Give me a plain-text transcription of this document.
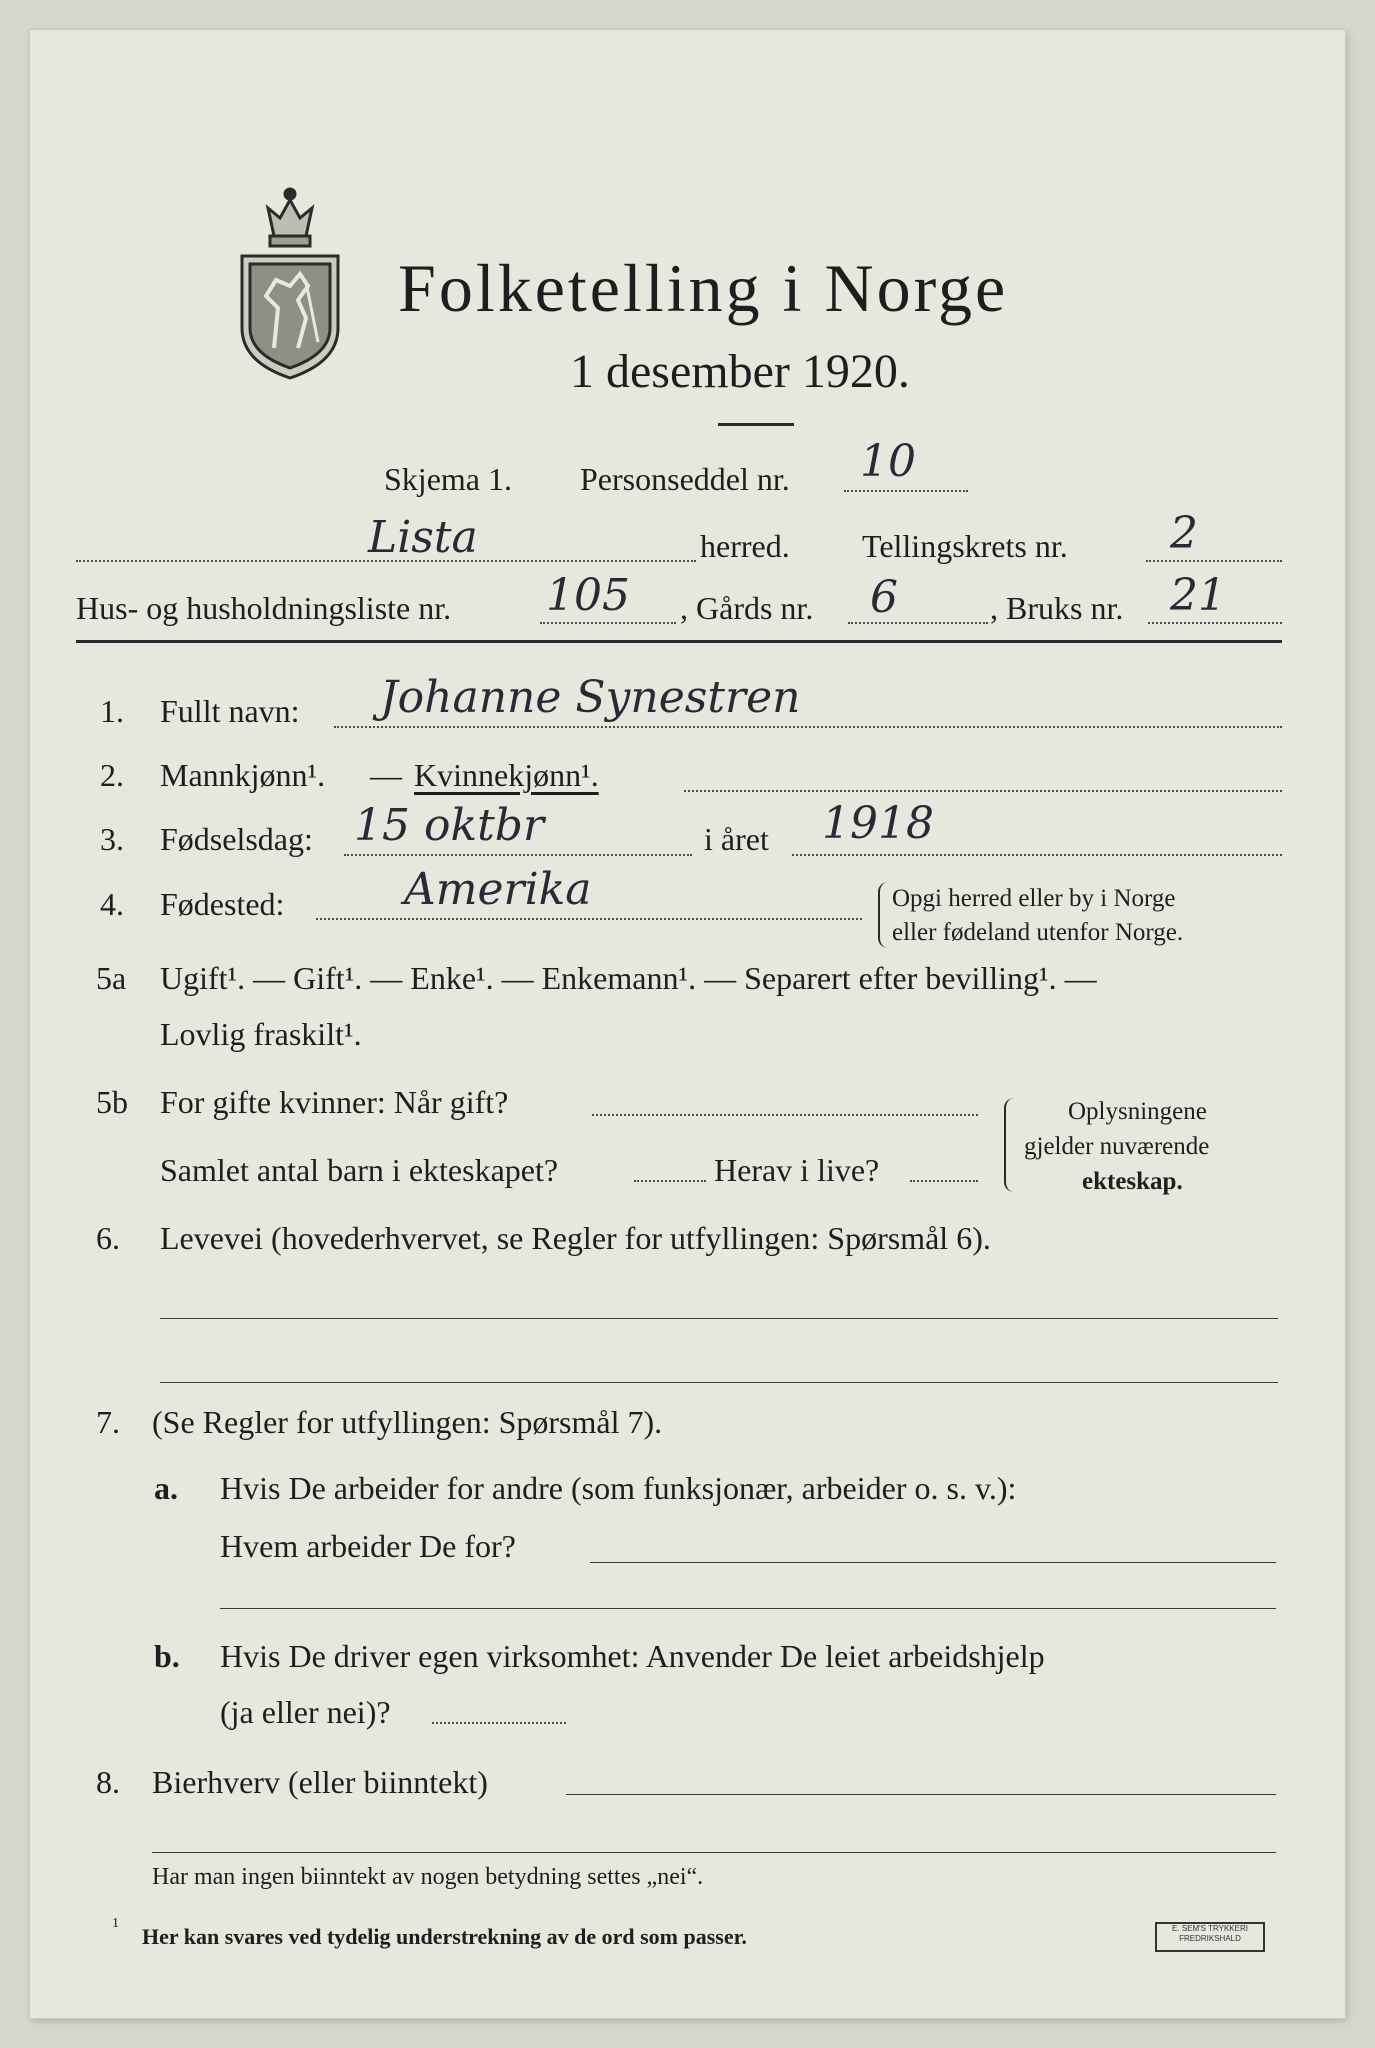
Folketelling i Norge
1 desember 1920.
Skjema 1. Personseddel nr. 10
Lista	herred. Tellingskrets nr. 2
Hus- og husholdningsliste nr. 105 , Gårds nr. 6	, Bruks nr. 21
1. Fullt navn: Johanne Synestren
2. Mannkjønn¹. — Kvinnekjønn¹.
3. Fødselsdag: 15 oktbr	i året 1918
4. Fødested:	Amerika	Opgi herred eller by i Norge
eller fødeland utenfor Norge.
5a Ugift¹. — Gift¹. — Enke¹. — Enkemann¹. — Separert efter bevilling¹. —
Lovlig fraskilt¹.
5b For gifte kvinner: Når gift?
Samlet antal barn i ekteskapet?	Herav i live?
Oplysningene
gjelder nuværende
ekteskap.
6. Levevei (hovederhvervet, se Regler for utfyllingen: Spørsmål 6).
7. (Se Regler for utfyllingen: Spørsmål 7).
a. Hvis De arbeider for andre (som funksjonær, arbeider o. s. v.):
Hvem arbeider De for?
b. Hvis De driver egen virksomhet: Anvender De leiet arbeidshjelp
(ja eller nei)?
8. Bierhverv (eller biinntekt)
Har man ingen biinntekt av nogen betydning settes „nei“.
1
Her kan svares ved tydelig understrekning av de ord som passer.	E. SEM'S TRYKKERI
FREDRIKSHALD
